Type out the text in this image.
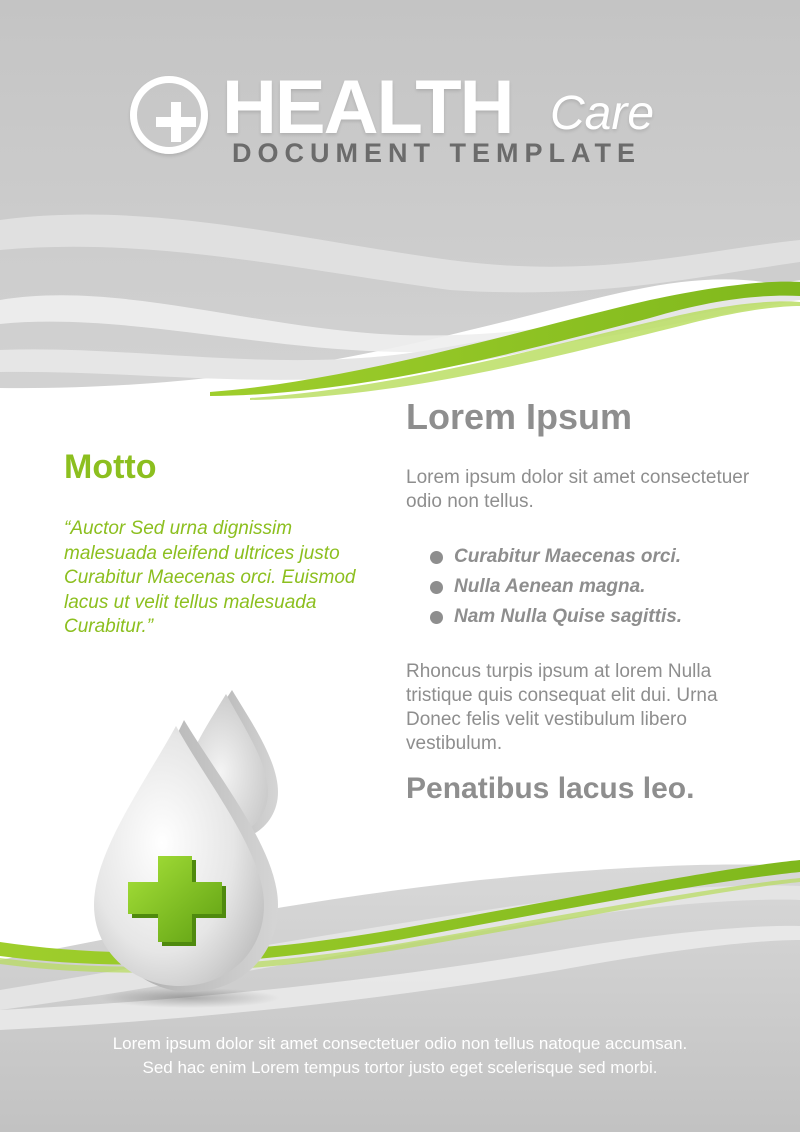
HEALTH Care
DOCUMENT TEMPLATE
Motto
“Auctor Sed urna dignissim malesuada eleifend ultrices justo Curabitur Maecenas orci. Euismod lacus ut velit tellus malesuada Curabitur.”
Lorem Ipsum
Lorem ipsum dolor sit amet consectetuer odio non tellus.
Curabitur Maecenas orci.
Nulla Aenean magna.
Nam Nulla Quise sagittis.
Rhoncus turpis ipsum at lorem Nulla tristique quis consequat elit dui. Urna Donec felis velit vestibulum libero vestibulum.
Penatibus lacus leo.
Lorem ipsum dolor sit amet consectetuer odio non tellus natoque accumsan.
Sed hac enim Lorem tempus tortor justo eget scelerisque sed morbi.
